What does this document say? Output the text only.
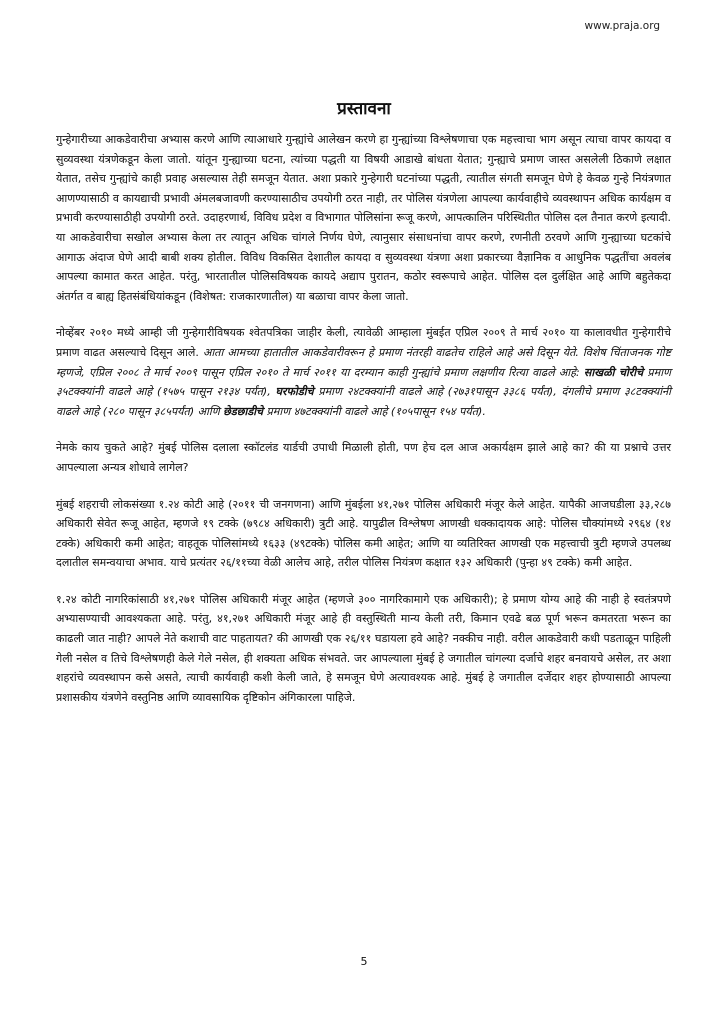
www.praja.org
प्रस्तावना

गुन्हेगारीच्या आकडेवारीचा अभ्यास करणे आणि त्याआधारे गुन्ह्यांचे आलेखन करणे हा गुन्ह्यांच्या विश्लेषणाचा एक महत्त्वाचा भाग असून त्याचा वापर कायदा व सुव्यवस्था यंत्रणेकडून केला जातो. यांतून गुन्ह्याच्या घटना, त्यांच्या पद्धती या विषयी आडाखे बांधता येतात; गुन्ह्याचे प्रमाण जास्त असलेली ठिकाणे लक्षात येतात, तसेच गुन्ह्यांचे काही प्रवाह असल्यास तेही समजून येतात. अशा प्रकारे गुन्हेगारी घटनांच्या पद्धती, त्यातील संगती समजून घेणे हे केवळ गुन्हे नियंत्रणात आणण्यासाठी व कायद्याची प्रभावी अंमलबजावणी करण्यासाठीच उपयोगी ठरत नाही, तर पोलिस यंत्रणेला आपल्या कार्यवाहीचे व्यवस्थापन अधिक कार्यक्षम व प्रभावी करण्यासाठीही उपयोगी ठरते. उदाहरणार्थ, विविध प्रदेश व विभागात पोलिसांना रूजू करणे, आपत्कालिन परिस्थितीत पोलिस दल तैनात करणे इत्यादी. या आकडेवारीचा सखोल अभ्यास केला तर त्यातून अधिक चांगले निर्णय घेणे, त्यानुसार संसाधनांचा वापर करणे, रणनीती ठरवणे आणि गुन्ह्याच्या घटकांचे आगाऊ अंदाज घेणे आदी बाबी शक्य होतील. विविध विकसित देशातील कायदा व सुव्यवस्था यंत्रणा अशा प्रकारच्या वैज्ञानिक व आधुनिक पद्धतींचा अवलंब आपल्या कामात करत आहेत. परंतु, भारतातील पोलिसविषयक कायदे अद्याप पुरातन, कठोर स्वरूपाचे आहेत. पोलिस दल दुर्लक्षित आहे आणि बहुतेकदा अंतर्गत व बाह्य हितसंबंधियांकडून (विशेषत: राजकारणातील) या बळाचा वापर केला जातो.

नोव्हेंबर २०१० मध्ये आम्ही जी गुन्हेगारीविषयक श्वेतपत्रिका जाहीर केली, त्यावेळी आम्हाला मुंबईत एप्रिल २००९ ते मार्च २०१० या कालावधीत गुन्हेगारीचे प्रमाण वाढत असल्याचे दिसून आले. आता आमच्या हातातील आकडेवारीवरून हे प्रमाण नंतरही वाढतेच राहिले आहे असे दिसून येते. विशेष चिंताजनक गोष्ट म्हणजे, एप्रिल २००८ ते मार्च २००९ पासून एप्रिल २०१० ते मार्च २०११ या दरम्यान काही गुन्ह्यांचे प्रमाण लक्षणीय रित्या वाढले आहे: साखळी चोरीचे प्रमाण ३५टक्क्यांनी वाढले आहे (१५७५ पासून २१३४ पर्यंत), घरफोडीचे प्रमाण २४टक्क्यांनी वाढले आहे (२७३१पासून ३३८६ पर्यंत), दंगलीचे प्रमाण ३८टक्क्यांनी वाढले आहे (२८० पासून ३८५पर्यंत) आणि छेडछाडीचे प्रमाण ४७टक्क्यांनी वाढले आहे (१०५पासून १५४ पर्यंत).

नेमके काय चुकते आहे? मुंबई पोलिस दलाला स्कॉटलंड यार्डची उपाधी मिळाली होती, पण हेच दल आज अकार्यक्षम झाले आहे का? की या प्रश्नाचे उत्तर आपल्याला अन्यत्र शोधावे लागेल?

मुंबई शहराची लोकसंख्या १.२४ कोटी आहे (२०११ ची जनगणना) आणि मुंबईला ४१,२७१ पोलिस अधिकारी मंजूर केले आहेत. यापैकी आजघडीला ३३,२८७ अधिकारी सेवेत रूजू आहेत, म्हणजे १९ टक्के (७९८४ अधिकारी) त्रुटी आहे. यापुढील विश्लेषण आणखी धक्कादायक आहे: पोलिस चौक्यांमध्ये २९६४ (१४ टक्के) अधिकारी कमी आहेत; वाहतूक पोलिसांमध्ये १६३३ (४९टक्के) पोलिस कमी आहेत; आणि या व्यतिरिक्त आणखी एक महत्त्वाची त्रुटी म्हणजे उपलब्ध दलातील समन्वयाचा अभाव. याचे प्रत्यंतर २६/११च्या वेळी आलेच आहे, तरील पोलिस नियंत्रण कक्षात १३२ अधिकारी (पुन्हा ४९ टक्के) कमी आहेत.

१.२४ कोटी नागरिकांसाठी ४१,२७१ पोलिस अधिकारी मंजूर आहेत (म्हणजे ३०० नागरिकामागे एक अधिकारी); हे प्रमाण योग्य आहे की नाही हे स्वतंत्रपणे अभ्यासण्याची आवश्यकता आहे. परंतु, ४१,२७१ अधिकारी मंजूर आहे ही वस्तुस्थिती मान्य केली तरी, किमान एवढे बळ पूर्ण भरून कमतरता भरून का काढली जात नाही? आपले नेते कशाची वाट पाहतायत? की आणखी एक २६/११ घडायला हवे आहे? नक्कीच नाही. वरील आकडेवारी कधी पडताळून पाहिली गेली नसेल व तिचे विश्लेषणही केले गेले नसेल, ही शक्यता अधिक संभवते. जर आपल्याला मुंबई हे जगातील चांगल्या दर्जाचे शहर बनवायचे असेल, तर अशा शहरांचे व्यवस्थापन कसे असते, त्याची कार्यवाही कशी केली जाते, हे समजून घेणे अत्यावश्यक आहे. मुंबई हे जगातील दर्जेदार शहर होण्यासाठी आपल्या प्रशासकीय यंत्रणेने वस्तुनिष्ठ आणि व्यावसायिक दृष्टिकोन अंगिकारला पाहिजे.

5
